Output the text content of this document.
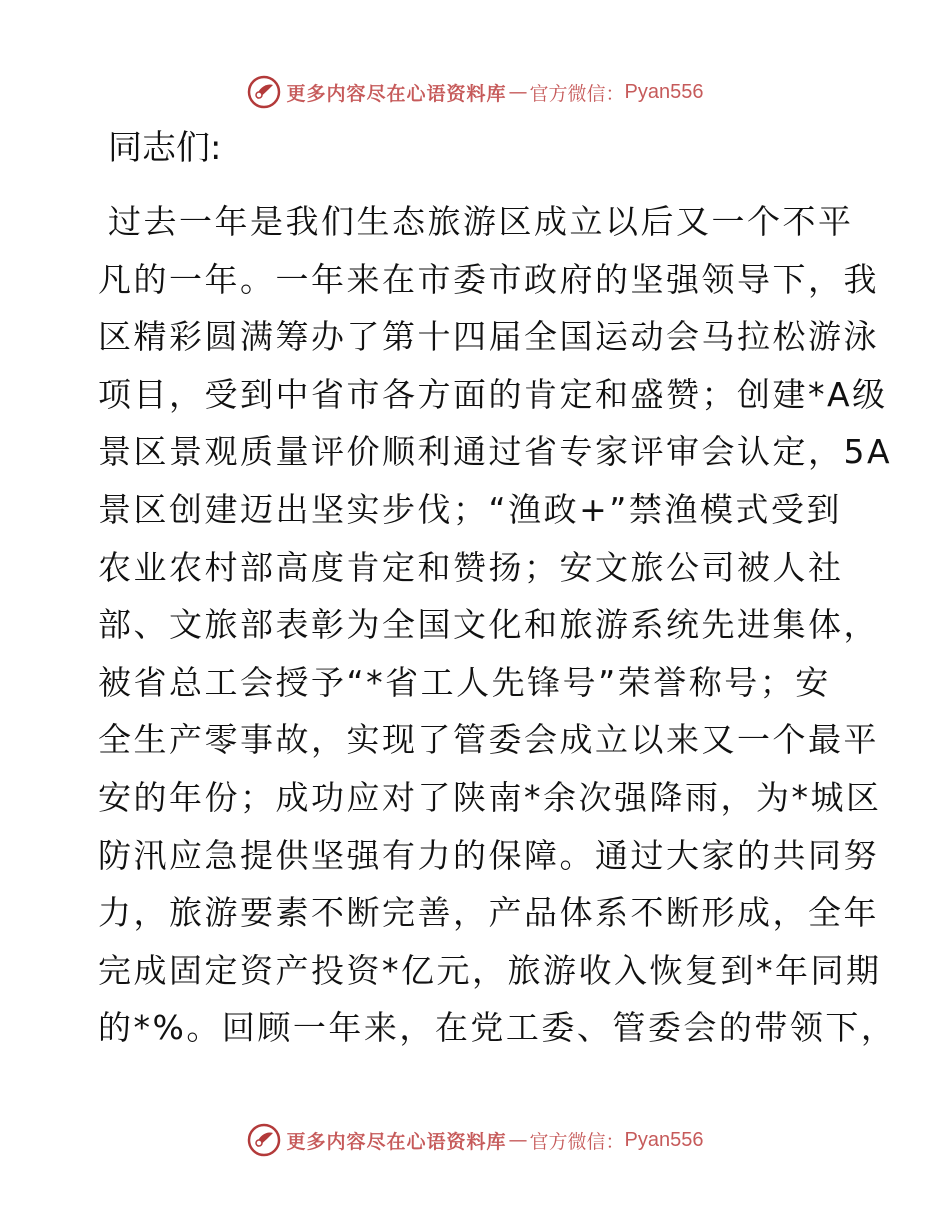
更多内容尽在心语资料库 — 官方微信： Pyan556

同志们:

过去一年是我们生态旅游区成立以后又一个不平
凡的一年。一年来在市委市政府的坚强领导下，我
区精彩圆满筹办了第十四届全国运动会马拉松游泳
项目，受到中省市各方面的肯定和盛赞；创建*A级
景区景观质量评价顺利通过省专家评审会认定，5A
景区创建迈出坚实步伐；“渔政+”禁渔模式受到
农业农村部高度肯定和赞扬；安文旅公司被人社
部、文旅部表彰为全国文化和旅游系统先进集体，
被省总工会授予“*省工人先锋号”荣誉称号；安
全生产零事故，实现了管委会成立以来又一个最平
安的年份；成功应对了陕南*余次强降雨，为*城区
防汛应急提供坚强有力的保障。通过大家的共同努
力，旅游要素不断完善，产品体系不断形成，全年
完成固定资产投资*亿元，旅游收入恢复到*年同期
的*%。回顾一年来，在党工委、管委会的带领下，
更多内容尽在心语资料库 — 官方微信： Pyan556
